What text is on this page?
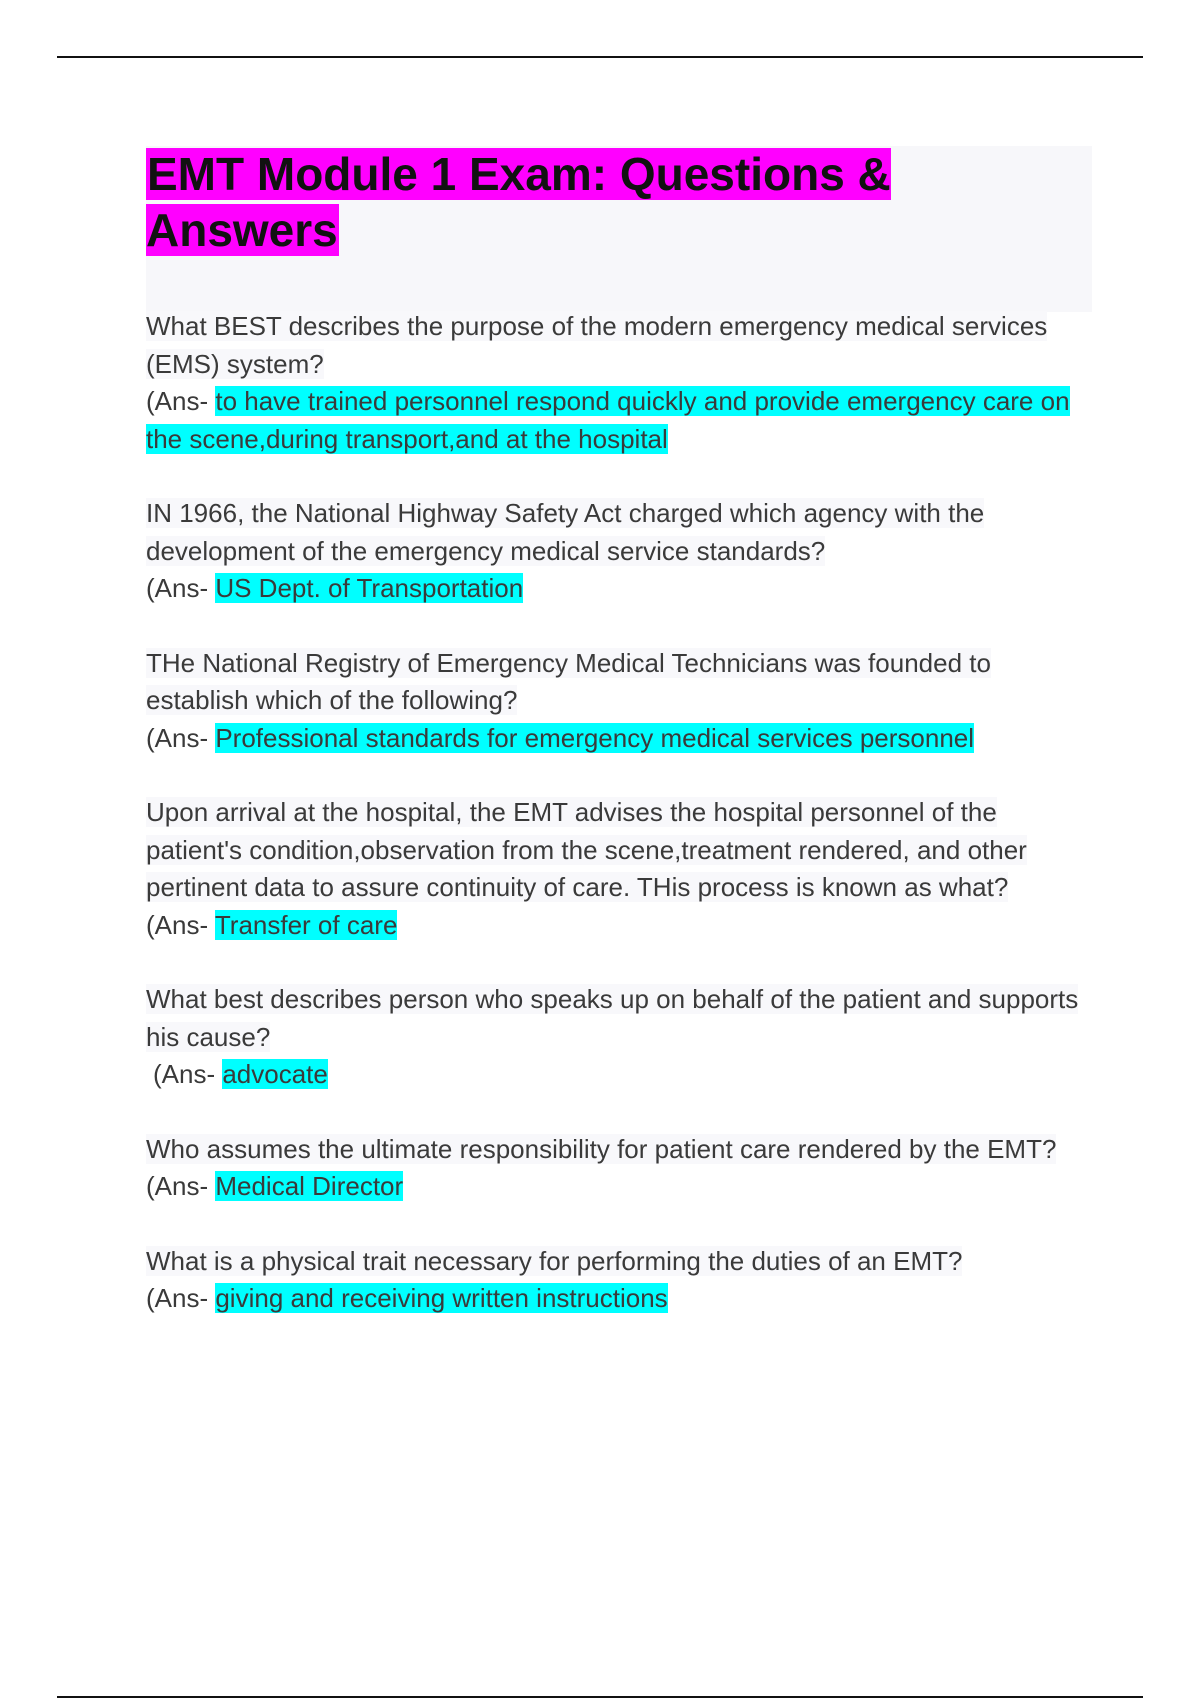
EMT Module 1 Exam: Questions & Answers

What BEST describes the purpose of the modern emergency medical services (EMS) system?

(Ans- to have trained personnel respond quickly and provide emergency care on the scene,during transport,and at the hospital

IN 1966, the National Highway Safety Act charged which agency with the development of the emergency medical service standards?

(Ans- US Dept. of Transportation

THe National Registry of Emergency Medical Technicians was founded to establish which of the following?

(Ans- Professional standards for emergency medical services personnel

Upon arrival at the hospital, the EMT advises the hospital personnel of the patient's condition,observation from the scene,treatment rendered, and other pertinent data to assure continuity of care. THis process is known as what?

(Ans- Transfer of care

What best describes person who speaks up on behalf of the patient and supports his cause?

(Ans- advocate

Who assumes the ultimate responsibility for patient care rendered by the EMT?

(Ans- Medical Director

What is a physical trait necessary for performing the duties of an EMT?

(Ans- giving and receiving written instructions
